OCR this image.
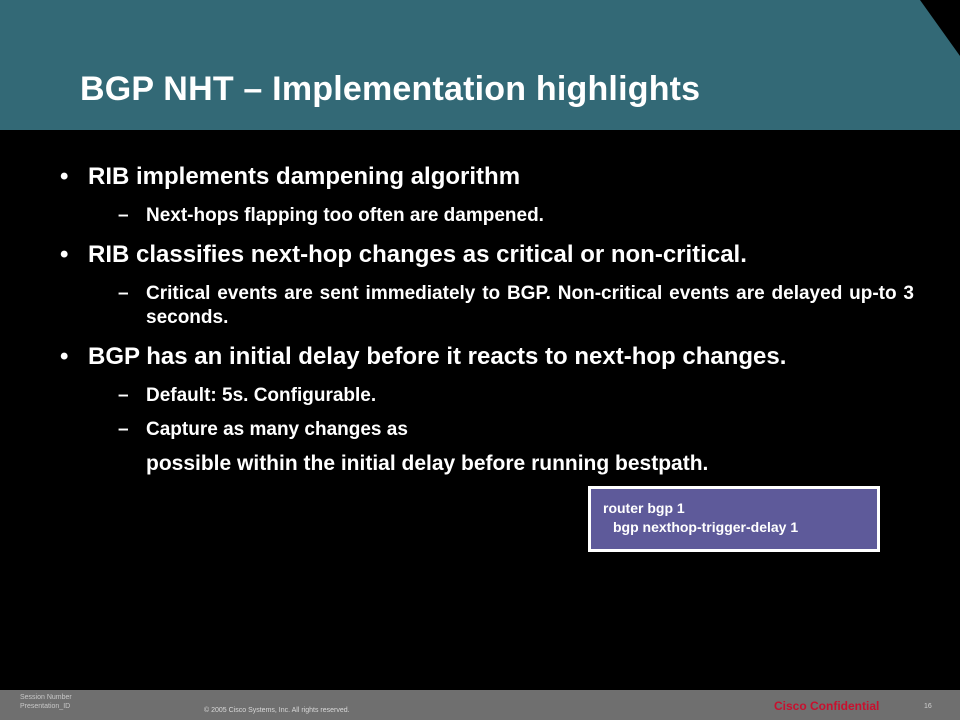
BGP NHT – Implementation highlights
• RIB implements dampening algorithm
– Next-hops flapping too often are dampened.
• RIB classifies next-hop changes as critical or non-critical.
– Critical events are sent immediately to BGP. Non-critical events are delayed up-to 3 seconds.
• BGP has an initial delay before it reacts to next-hop changes.
– Default: 5s. Configurable.
– Capture as many changes as
possible within the initial delay before running bestpath.
router bgp 1
bgp nexthop-trigger-delay 1
Session Number
Presentation_ID
© 2005 Cisco Systems, Inc. All rights reserved.	Cisco Confidential	16
